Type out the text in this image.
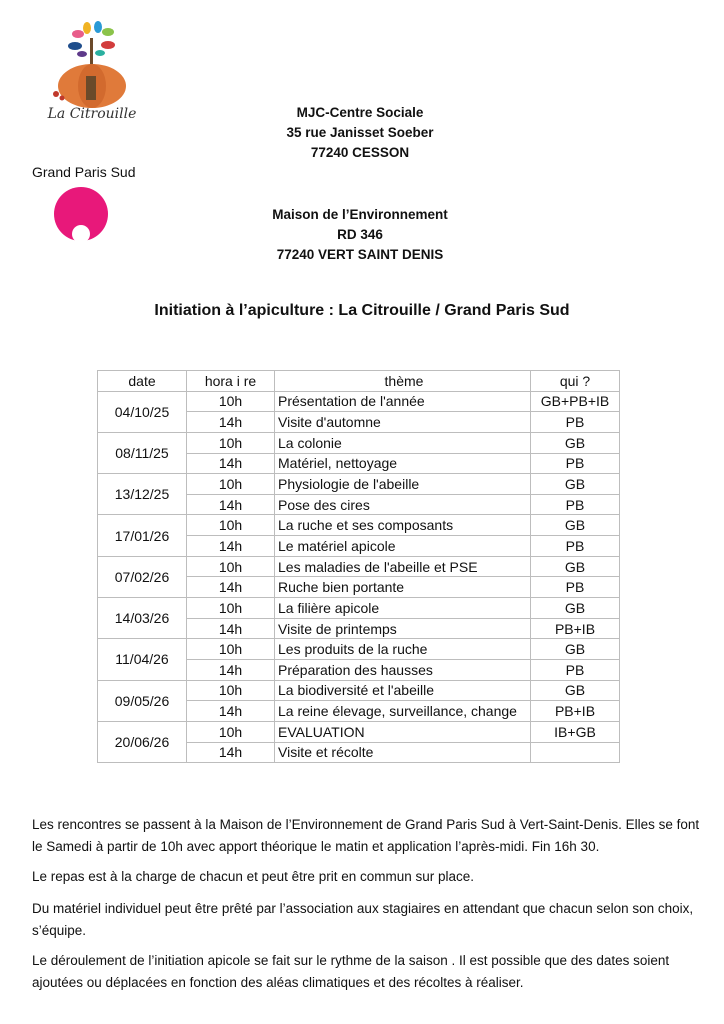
La Citrouille
Grand Paris Sud
MJC-Centre Sociale
35 rue Janisset Soeber
77240 CESSON
Maison de l’Environnement
RD 346
77240 VERT SAINT DENIS
Initiation à l’apiculture : La Citrouille / Grand Paris Sud
date	hora i re	thème	qui ?
04/10/25	10h	Présentation de l'année	GB+PB+IB
	14h	Visite d'automne	PB
08/11/25	10h	La colonie	GB
	14h	Matériel, nettoyage	PB
13/12/25	10h	Physiologie de l'abeille	GB
	14h	Pose des cires	PB
17/01/26	10h	La ruche et ses composants	GB
	14h	Le matériel apicole	PB
07/02/26	10h	Les maladies de l'abeille et PSE	GB
	14h	Ruche bien portante	PB
14/03/26	10h	La filière apicole	GB
	14h	Visite de printemps	PB+IB
11/04/26	10h	Les produits de la ruche	GB
	14h	Préparation des hausses	PB
09/05/26	10h	La biodiversité et l'abeille	GB
	14h	La reine élevage, surveillance, change	PB+IB
20/06/26	10h	EVALUATION	IB+GB
	14h	Visite et récolte	

Les rencontres se passent à la Maison de l’Environnement de Grand Paris Sud à Vert-Saint-Denis. Elles se font le Samedi à partir de 10h avec apport théorique le matin et application l’après-midi. Fin 16h 30.

Le repas est à la charge de chacun et peut être prit en commun sur place.

Du matériel individuel peut être prêté par l’association aux stagiaires en attendant que chacun selon son choix, s’équipe.

Le déroulement de l’initiation apicole se fait sur le rythme de la saison . Il est possible que des dates soient ajoutées ou déplacées en fonction des aléas climatiques et des récoltes à réaliser.
